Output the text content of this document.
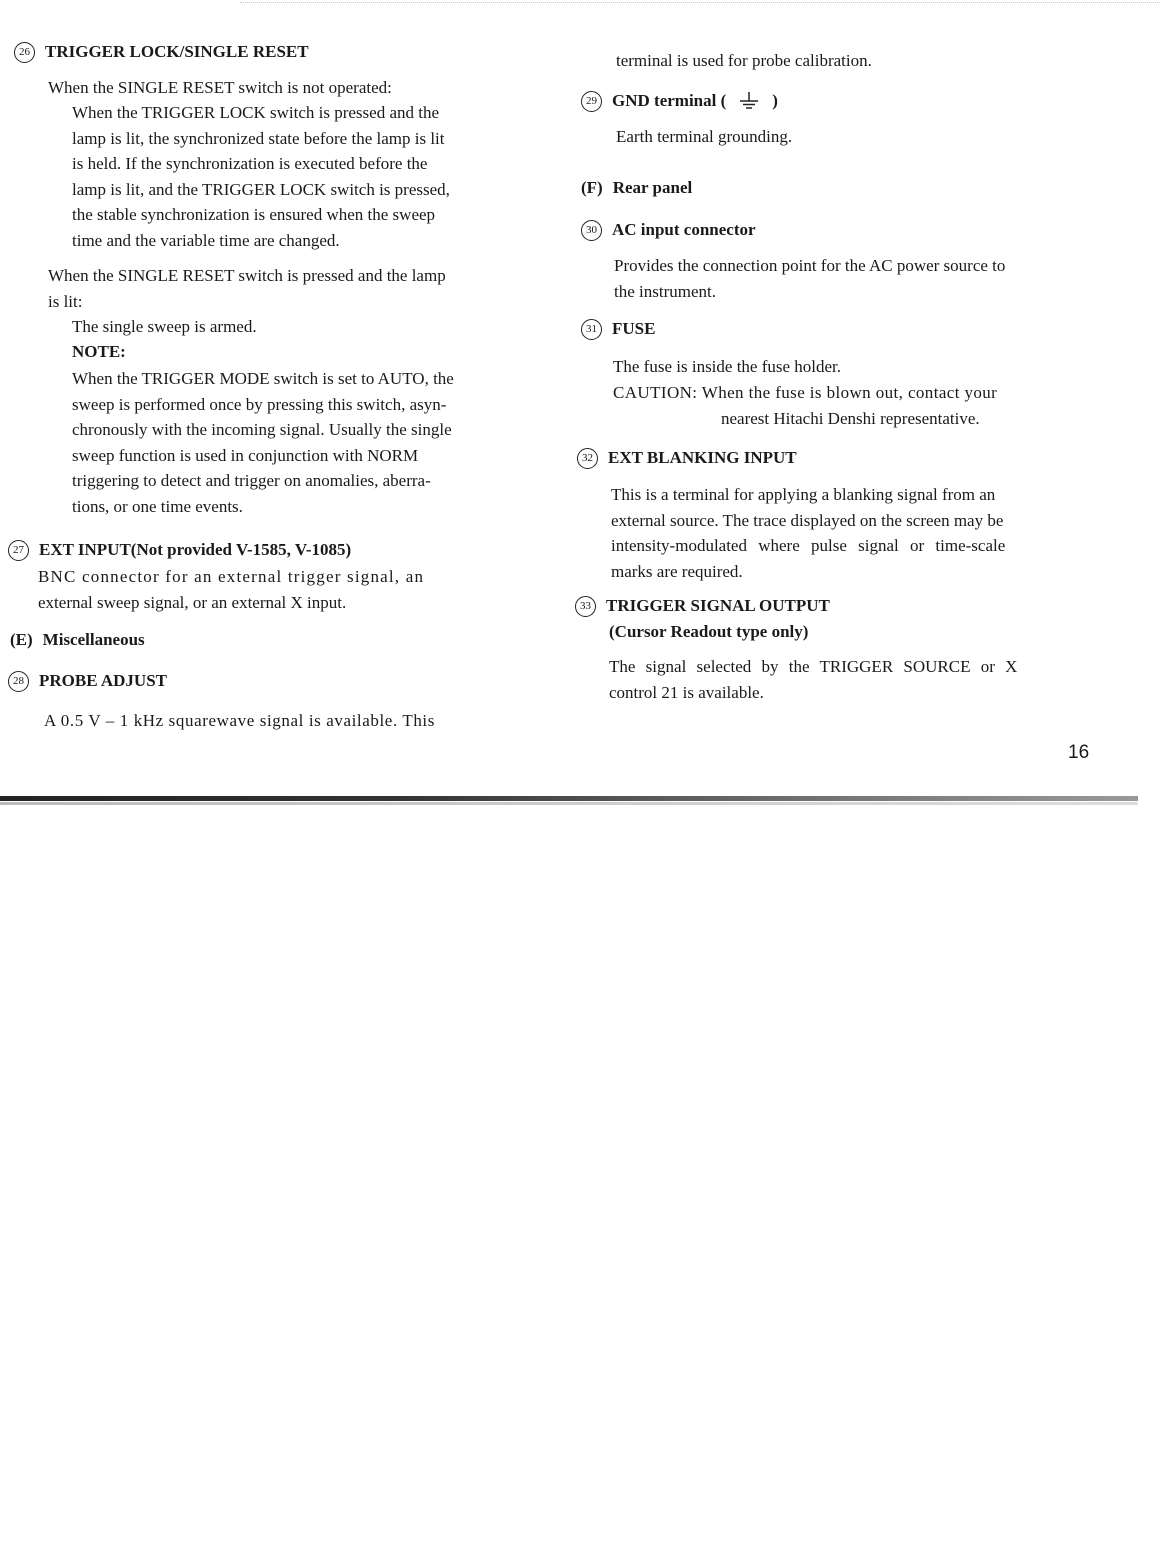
26 TRIGGER LOCK/SINGLE RESET

When the SINGLE RESET switch is not operated:

When the TRIGGER LOCK switch is pressed and the

lamp is lit, the synchronized state before the lamp is lit

is held. If the synchronization is executed before the

lamp is lit, and the TRIGGER LOCK switch is pressed,

the stable synchronization is ensured when the sweep

time and the variable time are changed.

When the SINGLE RESET switch is pressed and the lamp

is lit:

The single sweep is armed.

NOTE:

When the TRIGGER MODE switch is set to AUTO, the

sweep is performed once by pressing this switch, asyn-

chronously with the incoming signal. Usually the single

sweep function is used in conjunction with NORM

triggering to detect and trigger on anomalies, aberra-

tions, or one time events.

27 EXT INPUT(Not provided V-1585, V-1085)

BNC connector for an external trigger signal, an

external sweep signal, or an external X input.

(E) Miscellaneous
28 PROBE ADJUST

A 0.5 V – 1 kHz squarewave signal is available. This

terminal is used for probe calibration.

29 GND terminal (	)

Earth terminal grounding.

(F) Rear panel
30 AC input connector

Provides the connection point for the AC power source to

the instrument.

31 FUSE

The fuse is inside the fuse holder.

CAUTION: When the fuse is blown out, contact your

nearest Hitachi Denshi representative.

32 EXT BLANKING INPUT

This is a terminal for applying a blanking signal from an

external source. The trace displayed on the screen may be

intensity-modulated where pulse signal or time-scale

marks are required.

33 TRIGGER SIGNAL OUTPUT

(Cursor Readout type only)

The signal selected by the TRIGGER SOURCE or X

control 21 is available.

16
